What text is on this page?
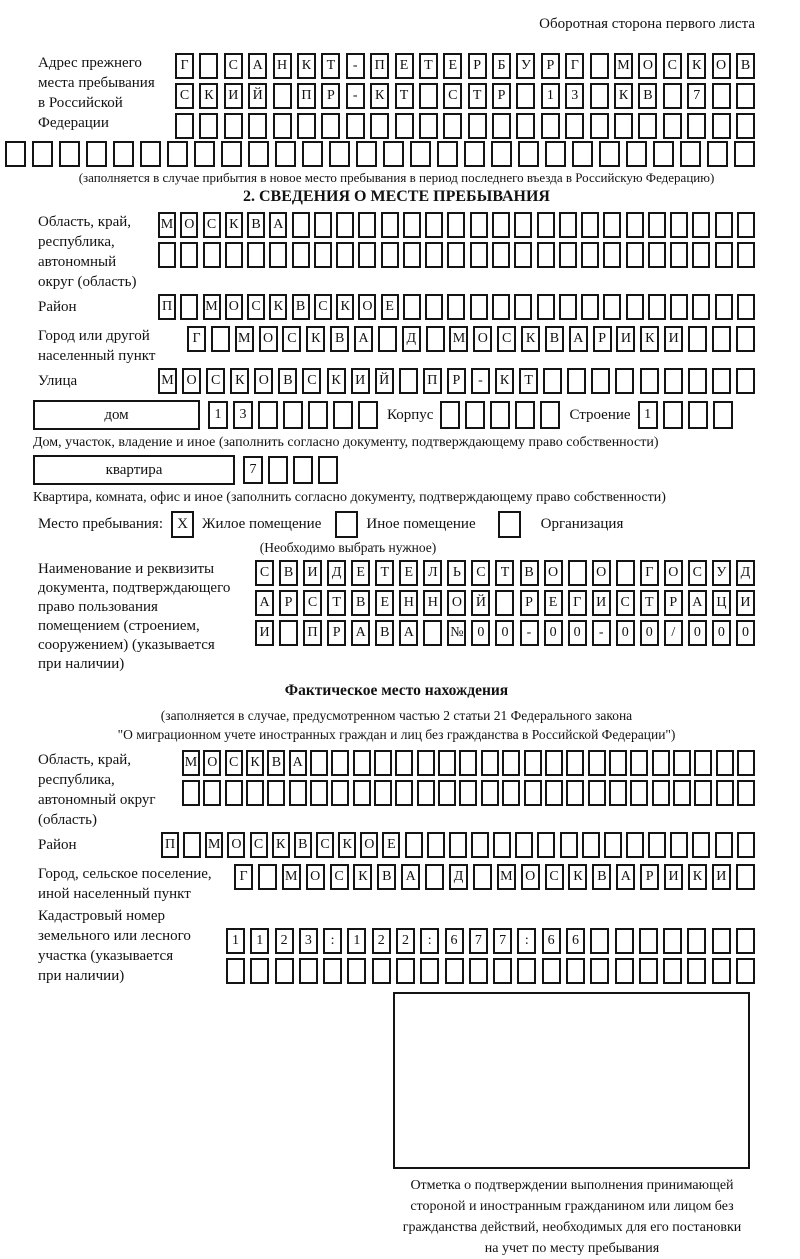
Оборотная сторона первого листа
Адрес прежнего
места пребывания
в Российской
Федерации
Г	С	А	Н	К	Т	-	П	Е	Т	Е	Р	Б	У	Р	Г	М О	С	К	О	В
С	К	И	Й	П	Р	-	К	Т	С	Т	Р	1	3	К	В	7
(заполняется в случае прибытия в новое место пребывания в период последнего въезда в Российскую Федерацию)
2. СВЕДЕНИЯ О МЕСТЕ ПРЕБЫВАНИЯ
Область, край,
республика,
автономный
округ (область)
М О С К В А
Район	П М О С К В С К О Е
Город или другой
населенный пункт
Г	М О	С	К	В	А	Д	М О	С	К	В	А	Р	И	К	И
Улица	М О	С	К	О	В	С	К	И Й	П	Р	-	К	Т
дом	1	3	Корпус	Строение 1
Дом, участок, владение и иное (заполнить согласно документу, подтверждающему право собственности)
квартира	7
Квартира, комната, офис и иное (заполнить согласно документу, подтверждающему право собственности)
Место пребывания: X Жилое помещение	Иное помещение	Организация
(Необходимо выбрать нужное)
Наименование и реквизиты
документа, подтверждающего
право пользования
помещением (строением,
сооружением) (указывается
при наличии)
С	В	И	Д	Е	Т	Е	Л	Ь	С	Т	В	О	О	Г	О	С	У	Д
А	Р	С	Т	В	Е	Н Н О Й	Р	Е	Г	И	С	Т	Р	А Ц И
И	П	Р	А	В	А	№ 0	0	-	0	0	-	0	0	/	0	0	0
Фактическое место нахождения
(заполняется в случае, предусмотренном частью 2 статьи 21 Федерального закона
"О миграционном учете иностранных граждан и лиц без гражданства в Российской Федерации")
Область, край,
республика,
автономный округ
(область)
М О С К В А
Район	П М О С К В С К О Е
Город, сельское поселение,
иной населенный пункт
Г	М О	С	К	В	А	Д	М О	С	К	В	А	Р	И	К	И
Кадастровый номер
земельного или лесного
участка (указывается
при наличии)
1	1	2	3	:	1	2	2	:	6	7	7	:	6	6
Отметка о подтверждении выполнения принимающей
стороной и иностранным гражданином или лицом без
гражданства действий, необходимых для его постановки
на учет по месту пребывания
